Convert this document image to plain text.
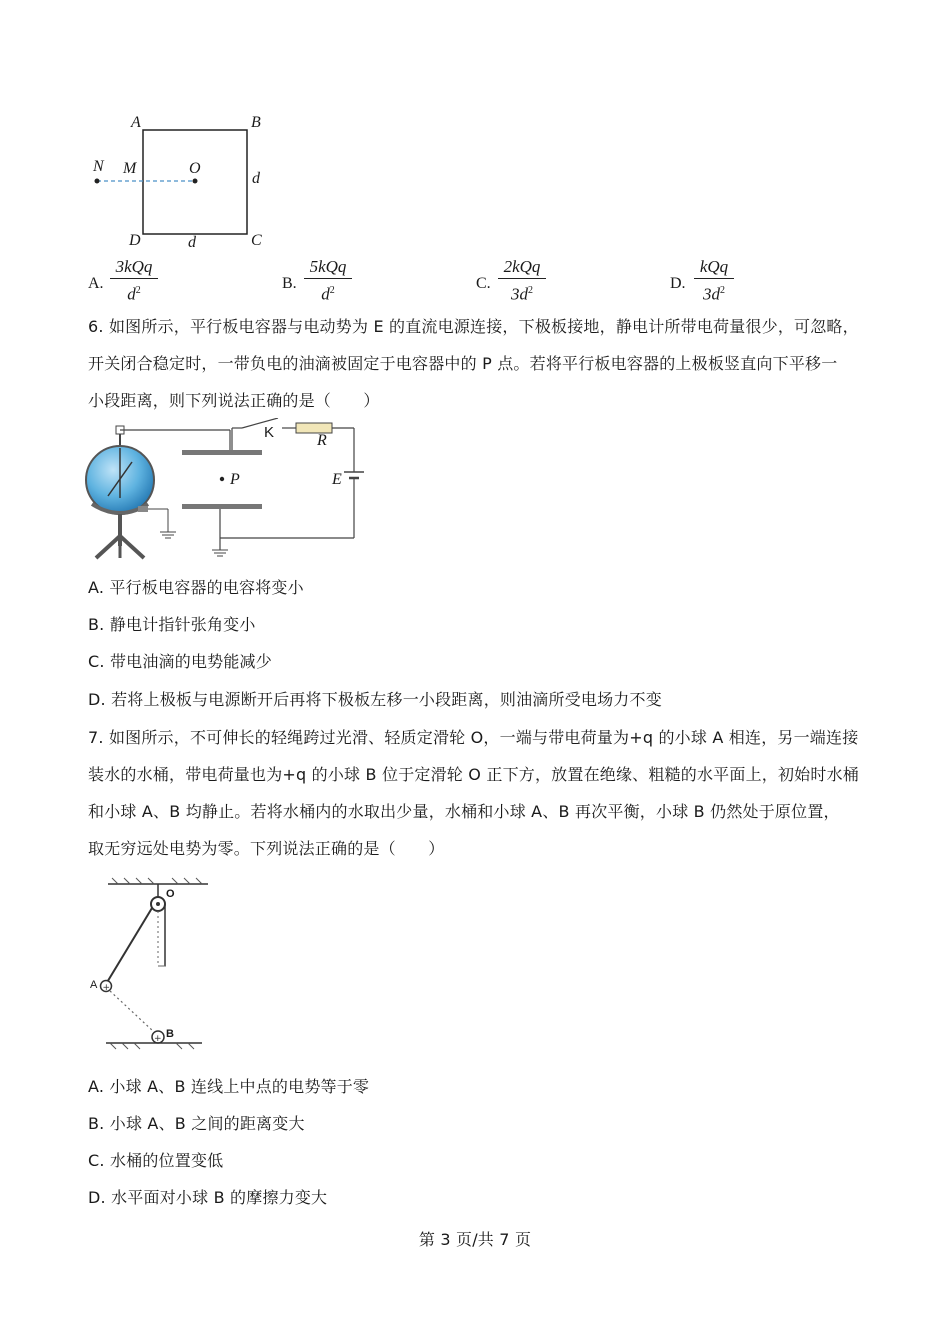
A	B
C
D
N M	O
d
d
A.
3kQq
$d^2$	B.
5kQq
$d^2$	C.
2kQq
$3d^2$	D.
kQq
$3d^2$
6. 如图所示，平行板电容器与电动势为 E 的直流电源连接，下极板接地，静电计所带电荷量很少，可忽略，
开关闭合稳定时，一带负电的油滴被固定于电容器中的 P 点。若将平行板电容器的上极板竖直向下平移一
小段距离，则下列说法正确的是（　　）
K	R
E
P
A. 平行板电容器的电容将变小
B. 静电计指针张角变小
C. 带电油滴的电势能减少
D. 若将上极板与电源断开后再将下极板左移一小段距离，则油滴所受电场力不变
7. 如图所示，不可伸长的轻绳跨过光滑、轻质定滑轮 O，一端与带电荷量为+q 的小球 A 相连，另一端连接
装水的水桶，带电荷量也为+q 的小球 B 位于定滑轮 O 正下方，放置在绝缘、粗糙的水平面上，初始时水桶
和小球 A、B 均静止。若将水桶内的水取出少量，水桶和小球 A、B 再次平衡，小球 B 仍然处于原位置，
取无穷远处电势为零。下列说法正确的是（　　）
+
+
O
A
B
A. 小球 A、B 连线上中点的电势等于零
B. 小球 A、B 之间的距离变大
C. 水桶的位置变低
D. 水平面对小球 B 的摩擦力变大
第 3 页/共 7 页
